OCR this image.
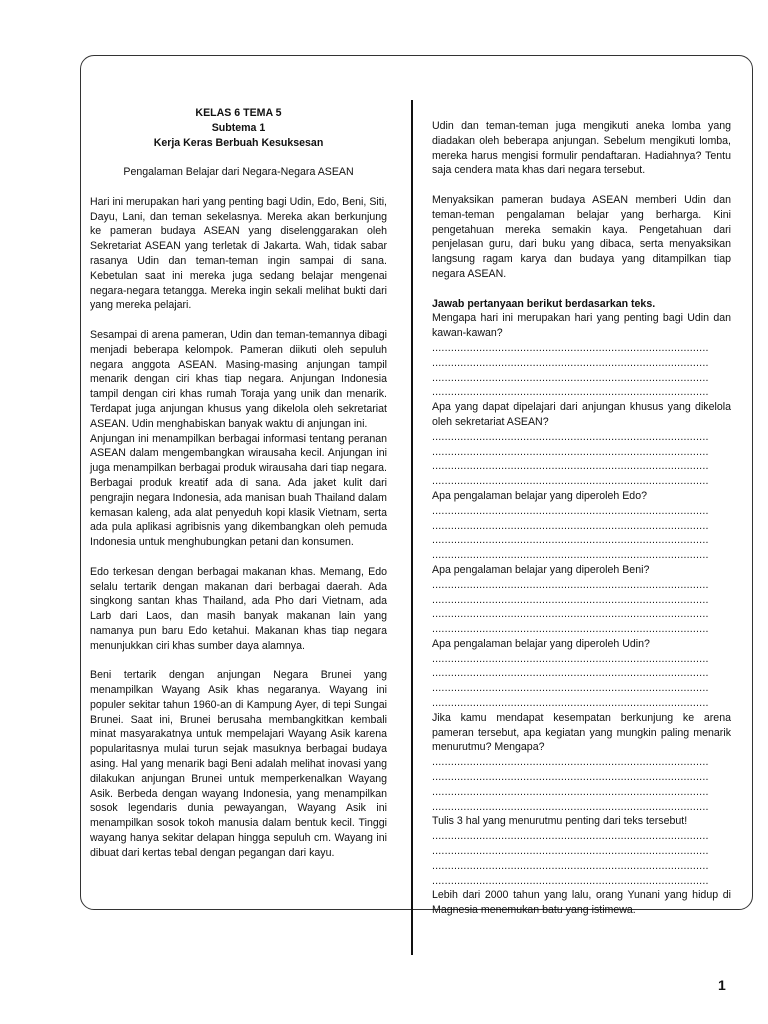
KELAS 6 TEMA 5
Subtema 1
Kerja Keras Berbuah Kesuksesan
Pengalaman Belajar dari Negara-Negara ASEAN

Hari ini merupakan hari yang penting bagi Udin, Edo, Beni, Siti, Dayu, Lani, dan teman sekelasnya. Mereka akan berkunjung ke pameran budaya ASEAN yang diselenggarakan oleh Sekretariat ASEAN yang terletak di Jakarta. Wah, tidak sabar rasanya Udin dan teman-teman ingin sampai di sana. Kebetulan saat ini mereka juga sedang belajar mengenai negara-negara tetangga. Mereka ingin sekali melihat bukti dari yang mereka pelajari.

Sesampai di arena pameran, Udin dan teman-temannya dibagi menjadi beberapa kelompok. Pameran diikuti oleh sepuluh negara anggota ASEAN. Masing-masing anjungan tampil menarik dengan ciri khas tiap negara. Anjungan Indonesia tampil dengan ciri khas rumah Toraja yang unik dan menarik. Terdapat juga anjungan khusus yang dikelola oleh sekretariat ASEAN. Udin menghabiskan banyak waktu di anjungan ini.

Anjungan ini menampilkan berbagai informasi tentang peranan ASEAN dalam mengembangkan wirausaha kecil. Anjungan ini juga menampilkan berbagai produk wirausaha dari tiap negara. Berbagai produk kreatif ada di sana. Ada jaket kulit dari pengrajin negara Indonesia, ada manisan buah Thailand dalam kemasan kaleng, ada alat penyeduh kopi klasik Vietnam, serta ada pula aplikasi agribisnis yang dikembangkan oleh pemuda Indonesia untuk menghubungkan petani dan konsumen.

Edo terkesan dengan berbagai makanan khas. Memang, Edo selalu tertarik dengan makanan dari berbagai daerah. Ada singkong santan khas Thailand, ada Pho dari Vietnam, ada Larb dari Laos, dan masih banyak makanan lain yang namanya pun baru Edo ketahui. Makanan khas tiap negara menunjukkan ciri khas sumber daya alamnya.

Beni tertarik dengan anjungan Negara Brunei yang menampilkan Wayang Asik khas negaranya. Wayang ini populer sekitar tahun 1960-an di Kampung Ayer, di tepi Sungai Brunei. Saat ini, Brunei berusaha membangkitkan kembali minat masyarakatnya untuk mempelajari Wayang Asik karena popularitasnya mulai turun sejak masuknya berbagai budaya asing. Hal yang menarik bagi Beni adalah melihat inovasi yang dilakukan anjungan Brunei untuk memperkenalkan Wayang Asik. Berbeda dengan wayang Indonesia, yang menampilkan sosok legendaris dunia pewayangan, Wayang Asik ini menampilkan sosok tokoh manusia dalam bentuk kecil. Tinggi wayang hanya sekitar delapan hingga sepuluh cm. Wayang ini dibuat dari kertas tebal dengan pegangan dari kayu.

Udin dan teman-teman juga mengikuti aneka lomba yang diadakan oleh beberapa anjungan. Sebelum mengikuti lomba, mereka harus mengisi formulir pendaftaran. Hadiahnya? Tentu saja cendera mata khas dari negara tersebut.

Menyaksikan pameran budaya ASEAN memberi Udin dan teman-teman pengalaman belajar yang berharga. Kini pengetahuan mereka semakin kaya. Pengetahuan dari penjelasan guru, dari buku yang dibaca, serta menyaksikan langsung ragam karya dan budaya yang ditampilkan tiap negara ASEAN.

Jawab pertanyaan berikut berdasarkan teks.
Mengapa hari ini merupakan hari yang penting bagi Udin dan kawan-kawan?
........................................................................................
........................................................................................
........................................................................................
........................................................................................
Apa yang dapat dipelajari dari anjungan khusus yang dikelola oleh sekretariat ASEAN?
........................................................................................
........................................................................................
........................................................................................
........................................................................................
Apa pengalaman belajar yang diperoleh Edo?
........................................................................................
........................................................................................
........................................................................................
........................................................................................
Apa pengalaman belajar yang diperoleh Beni?
........................................................................................
........................................................................................
........................................................................................
........................................................................................
Apa pengalaman belajar yang diperoleh Udin?
........................................................................................
........................................................................................
........................................................................................
........................................................................................
Jika kamu mendapat kesempatan berkunjung ke arena pameran tersebut, apa kegiatan yang mungkin paling menarik menurutmu? Mengapa?
........................................................................................
........................................................................................
........................................................................................
........................................................................................
Tulis 3 hal yang menurutmu penting dari teks tersebut!
........................................................................................
........................................................................................
........................................................................................
........................................................................................

Lebih dari 2000 tahun yang lalu, orang Yunani yang hidup di Magnesia menemukan batu yang istimewa.

1
